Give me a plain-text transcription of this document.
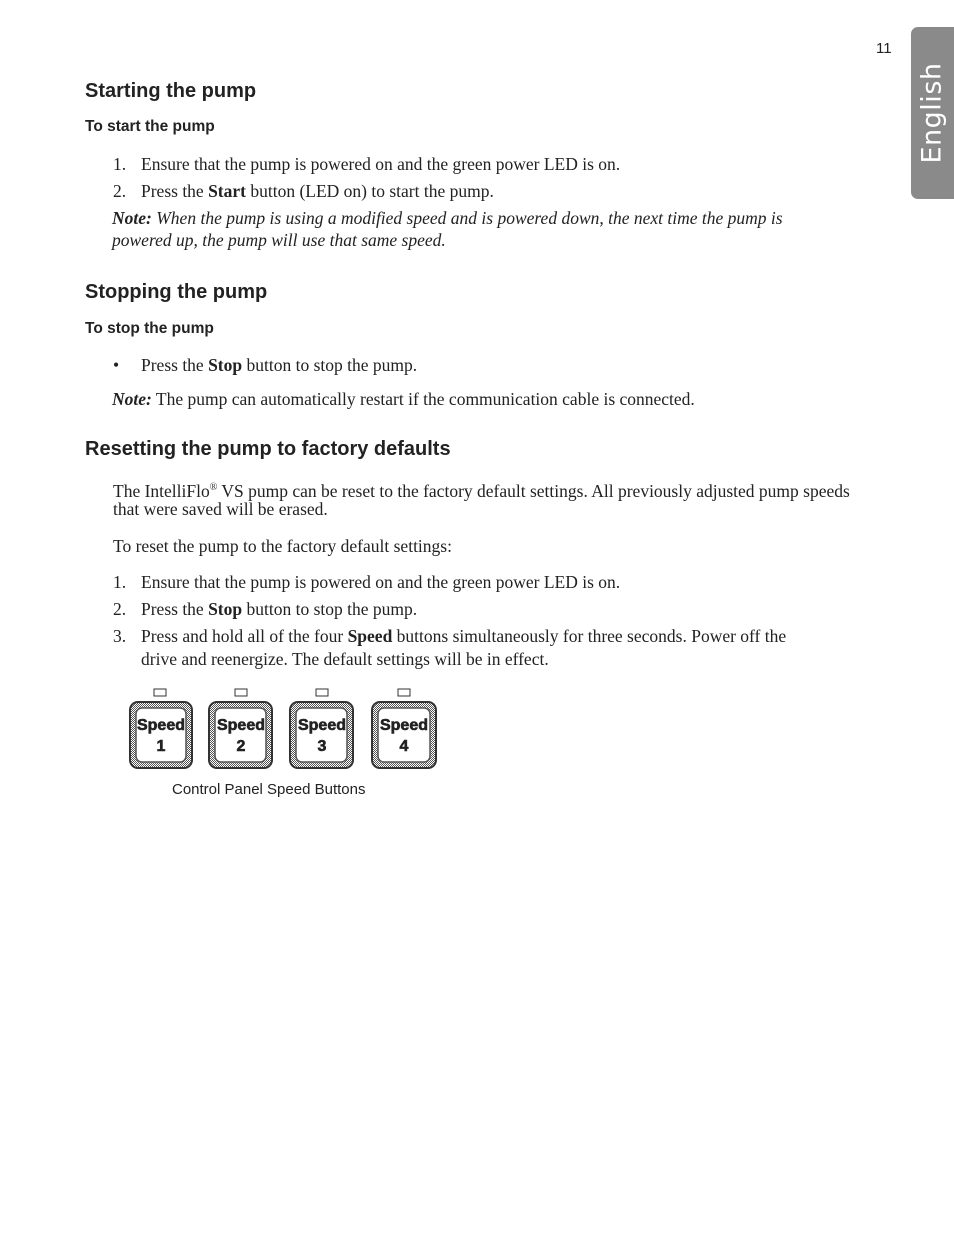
11
English
Starting the pump
To start the pump
1. Ensure that the pump is powered on and the green power LED is on.
2. Press the Start button (LED on) to start the pump.
Note: When the pump is using a modified speed and is powered down, the next time the pump is
powered up, the pump will use that same speed.
Stopping the pump
To stop the pump
• Press the Stop button to stop the pump.
Note: The pump can automatically restart if the communication cable is connected.
Resetting the pump to factory defaults
The IntelliFlo® VS pump can be reset to the factory default settings. All previously adjusted pump speeds
that were saved will be erased.
To reset the pump to the factory default settings:
1. Ensure that the pump is powered on and the green power LED is on.
2. Press the Stop button to stop the pump.
3. Press and hold all of the four Speed buttons simultaneously for three seconds. Power off the
drive and reenergize. The default settings will be in effect.
Speed
1
Speed
2
Speed
3
Speed
4
Control Panel Speed Buttons
